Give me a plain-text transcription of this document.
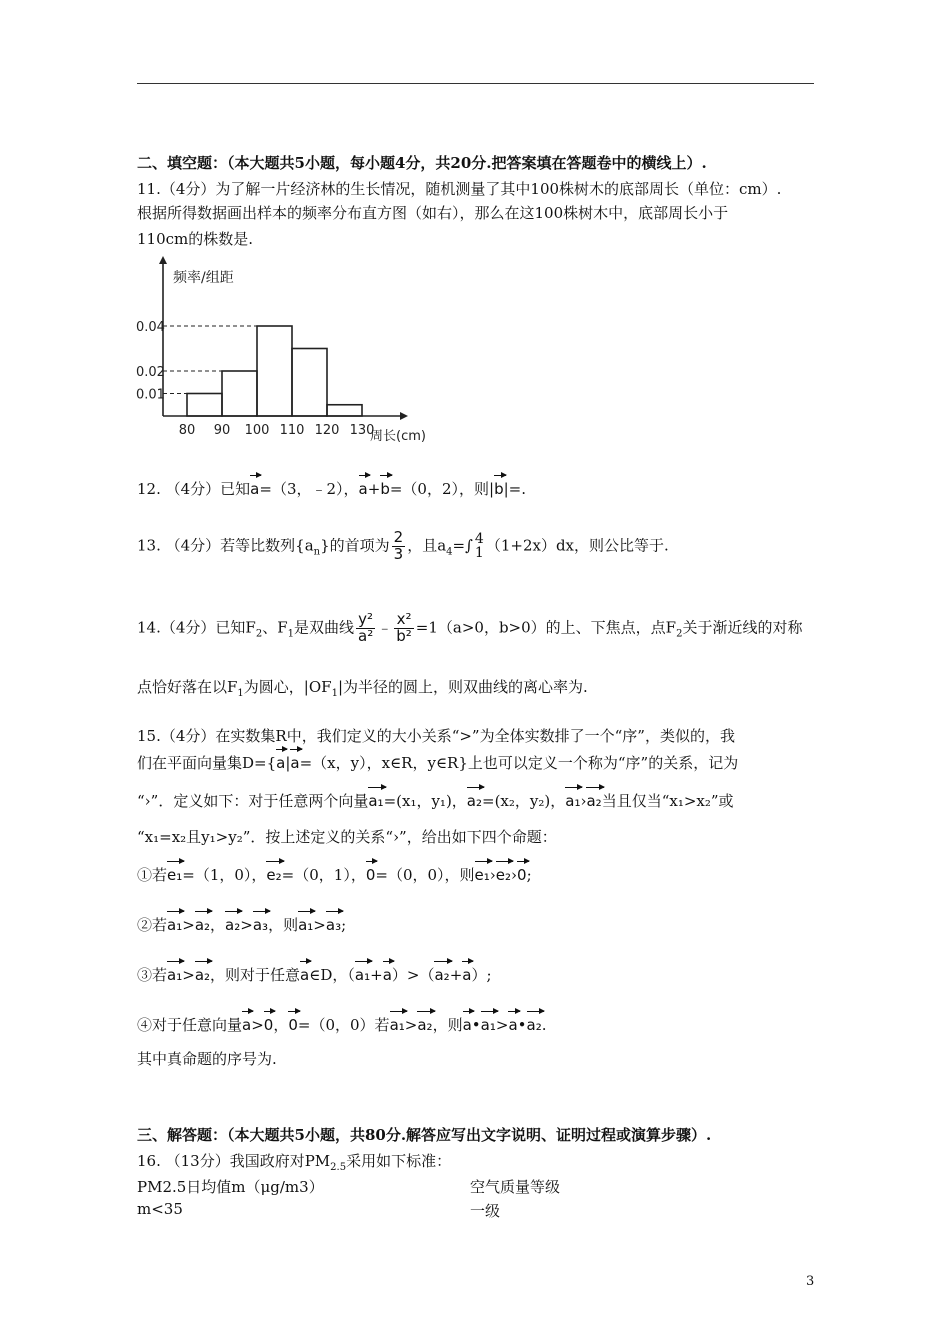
二、填空题：（本大题共5小题，每小题4分，共20分.把答案填在答题卷中的横线上）.
11.（4分）为了解一片经济林的生长情况，随机测量了其中100株树木的底部周长（单位：cm）.
根据所得数据画出样本的频率分布直方图（如右），那么在这100株树木中，底部周长小于
110cm的株数是.
频率/组距
0.04
0.02
0.01
80 90 100 110 120 130
周长(cm)
12. （4分）已知a=（3，﹣2），a+b=（0，2），则|b|=.
13. （4分）若等比数列$\{a_n\}$的首项为 $\frac{2}{3}$ ，且$a_4=\int$ 4
1 （1+2x）dx，则公比等于.
14.（4分）已知$F_2$、$F_1$是双曲线 $\frac{\text{y²}}{\text{a²}}$ ﹣ $\frac{\text{x²}}{\text{b²}} =1(a>0$，b>0）的上、下焦点，点$F_2$关于渐近线的对称
点恰好落在以$F_1$为圆心，$|OF_1|$为半径的圆上，则双曲线的离心率为.
15.（4分）在实数集R中，我们定义的大小关系“>”为全体实数排了一个“序”，类似的，我
们在平面向量集D={a|a=（x，y），x∈R，y∈R}上也可以定义一个称为“序”的关系，记为
“›”．定义如下：对于任意两个向量a₁=(x₁，y₁)，a₂=(x₂，y₂)，a₁›a₂当且仅当“x₁>x₂”或
“x₁=x₂且y₁>y₂”．按上述定义的关系“›”，给出如下四个命题：
①若e₁=（1，0），e₂=（0，1），0=（0，0），则e₁›e₂›0;
②若a₁>a₂，a₂>a₃，则a₁>a₃;
③若a₁>a₂，则对于任意a∈D，（a₁+a）>（a₂+a）;
④对于任意向量a>0，0=（0，0）若a₁>a₂，则a•a₁>a•a₂.
其中真命题的序号为.
三、解答题：（本大题共5小题，共80分.解答应写出文字说明、证明过程或演算步骤）.
16. （13分）我国政府对$PM_{2.5}$采用如下标准：
PM2.5日均值m（μg/m3）	空气质量等级
m<35	一级
3
